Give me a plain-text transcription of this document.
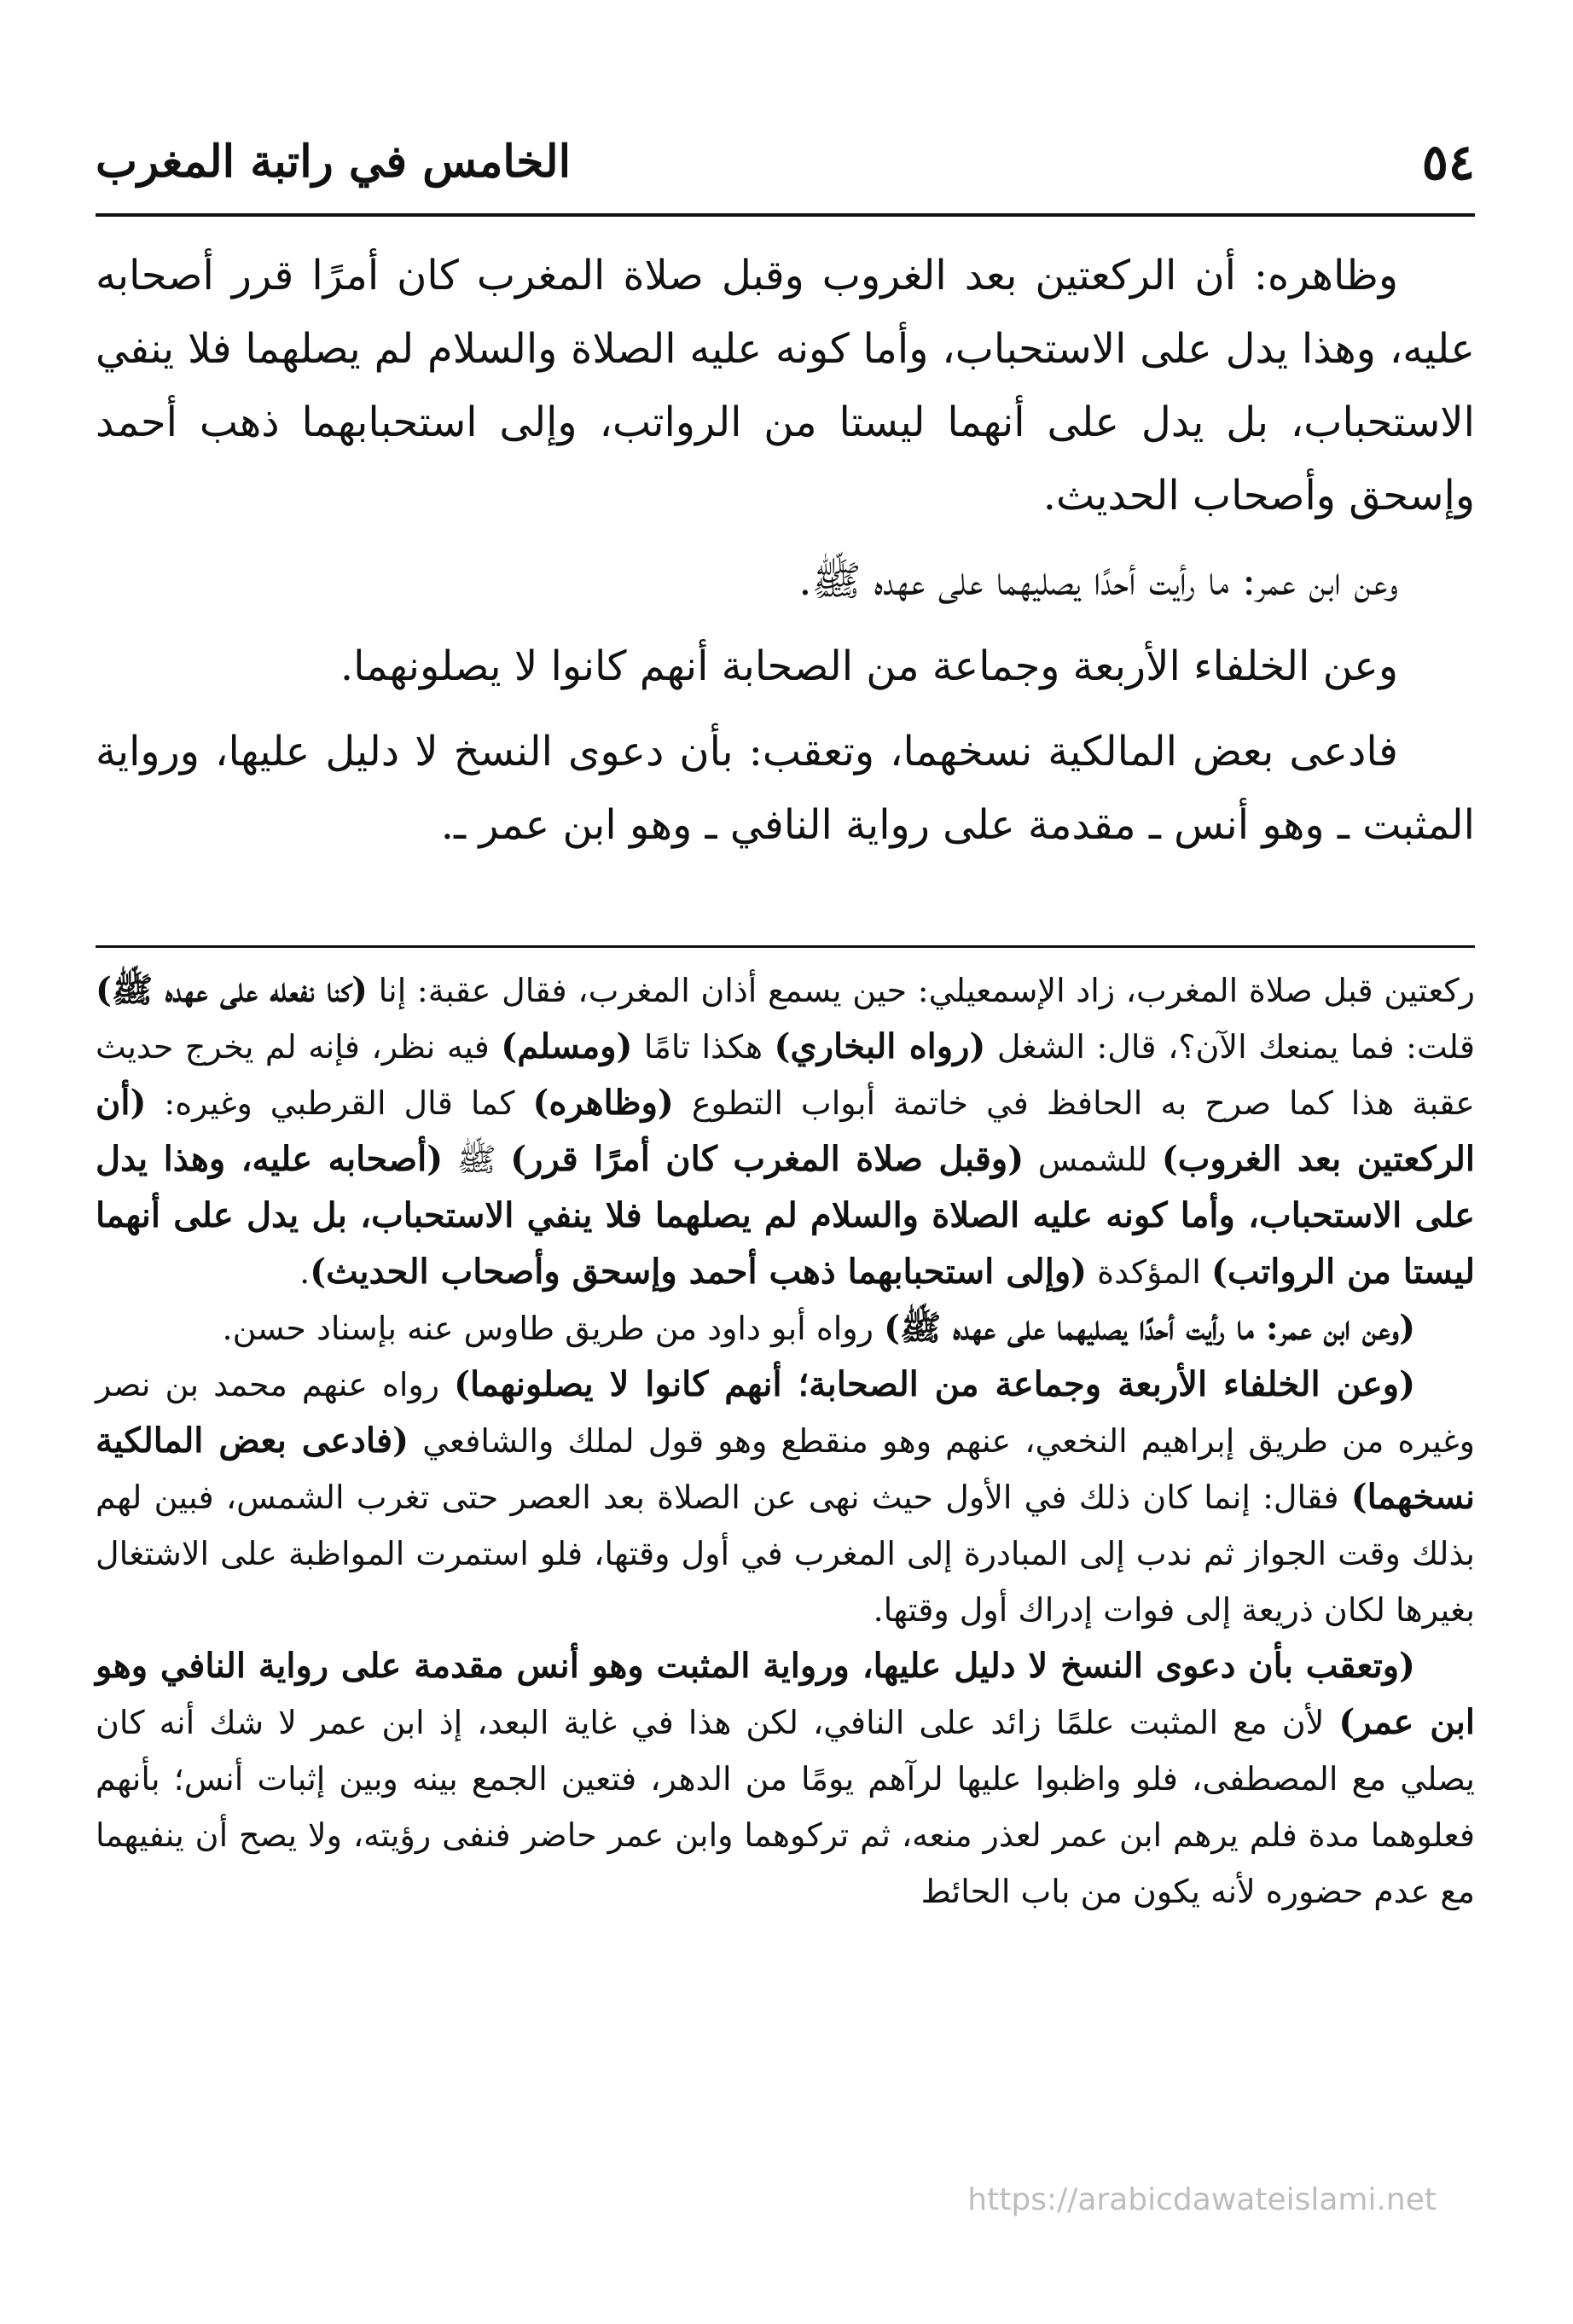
٥٤
الخامس في راتبة المغرب

وظاهره: أن الركعتين بعد الغروب وقبل صلاة المغرب كان أمرًا قرر أصحابه عليه، وهذا يدل على الاستحباب، وأما كونه عليه الصلاة والسلام لم يصلهما فلا ينفي الاستحباب، بل يدل على أنهما ليستا من الرواتب، وإلى استحبابهما ذهب أحمد وإسحق وأصحاب الحديث.

وعن ابن عمر: ما رأيت أحدًا يصليهما على عهده ﷺ.

وعن الخلفاء الأربعة وجماعة من الصحابة أنهم كانوا لا يصلونهما.

فادعى بعض المالكية نسخهما، وتعقب: بأن دعوى النسخ لا دليل عليها، ورواية المثبت ـ وهو أنس ـ مقدمة على رواية النافي ـ وهو ابن عمر ـ.

ركعتين قبل صلاة المغرب، زاد الإسمعيلي: حين يسمع أذان المغرب، فقال عقبة: إنا (كنا نفعله على عهده ﷺ) قلت: فما يمنعك الآن؟، قال: الشغل (رواه البخاري) هكذا تامًا (ومسلم) فيه نظر، فإنه لم يخرج حديث عقبة هذا كما صرح به الحافظ في خاتمة أبواب التطوع (وظاهره) كما قال القرطبي وغيره: (أن الركعتين بعد الغروب) للشمس (وقبل صلاة المغرب كان أمرًا قرر) ﷺ (أصحابه عليه، وهذا يدل على الاستحباب، وأما كونه عليه الصلاة والسلام لم يصلهما فلا ينفي الاستحباب، بل يدل على أنهما ليستا من الرواتب) المؤكدة (وإلى استحبابهما ذهب أحمد وإسحق وأصحاب الحديث).

(وعن ابن عمر: ما رأيت أحدًا يصليهما على عهده ﷺ) رواه أبو داود من طريق طاوس عنه بإسناد حسن.

(وعن الخلفاء الأربعة وجماعة من الصحابة؛ أنهم كانوا لا يصلونهما) رواه عنهم محمد بن نصر وغيره من طريق إبراهيم النخعي، عنهم وهو منقطع وهو قول لملك والشافعي (فادعى بعض المالكية نسخهما) فقال: إنما كان ذلك في الأول حيث نهى عن الصلاة بعد العصر حتى تغرب الشمس، فبين لهم بذلك وقت الجواز ثم ندب إلى المبادرة إلى المغرب في أول وقتها، فلو استمرت المواظبة على الاشتغال بغيرها لكان ذريعة إلى فوات إدراك أول وقتها.

(وتعقب بأن دعوى النسخ لا دليل عليها، ورواية المثبت وهو أنس مقدمة على رواية النافي وهو ابن عمر) لأن مع المثبت علمًا زائد على النافي، لكن هذا في غاية البعد، إذ ابن عمر لا شك أنه كان يصلي مع المصطفى، فلو واظبوا عليها لرآهم يومًا من الدهر، فتعين الجمع بينه وبين إثبات أنس؛ بأنهم فعلوهما مدة فلم يرهم ابن عمر لعذر منعه، ثم تركوهما وابن عمر حاضر فنفى رؤيته، ولا يصح أن ينفيهما مع عدم حضوره لأنه يكون من باب الحائط

https://arabicdawateislami.net
